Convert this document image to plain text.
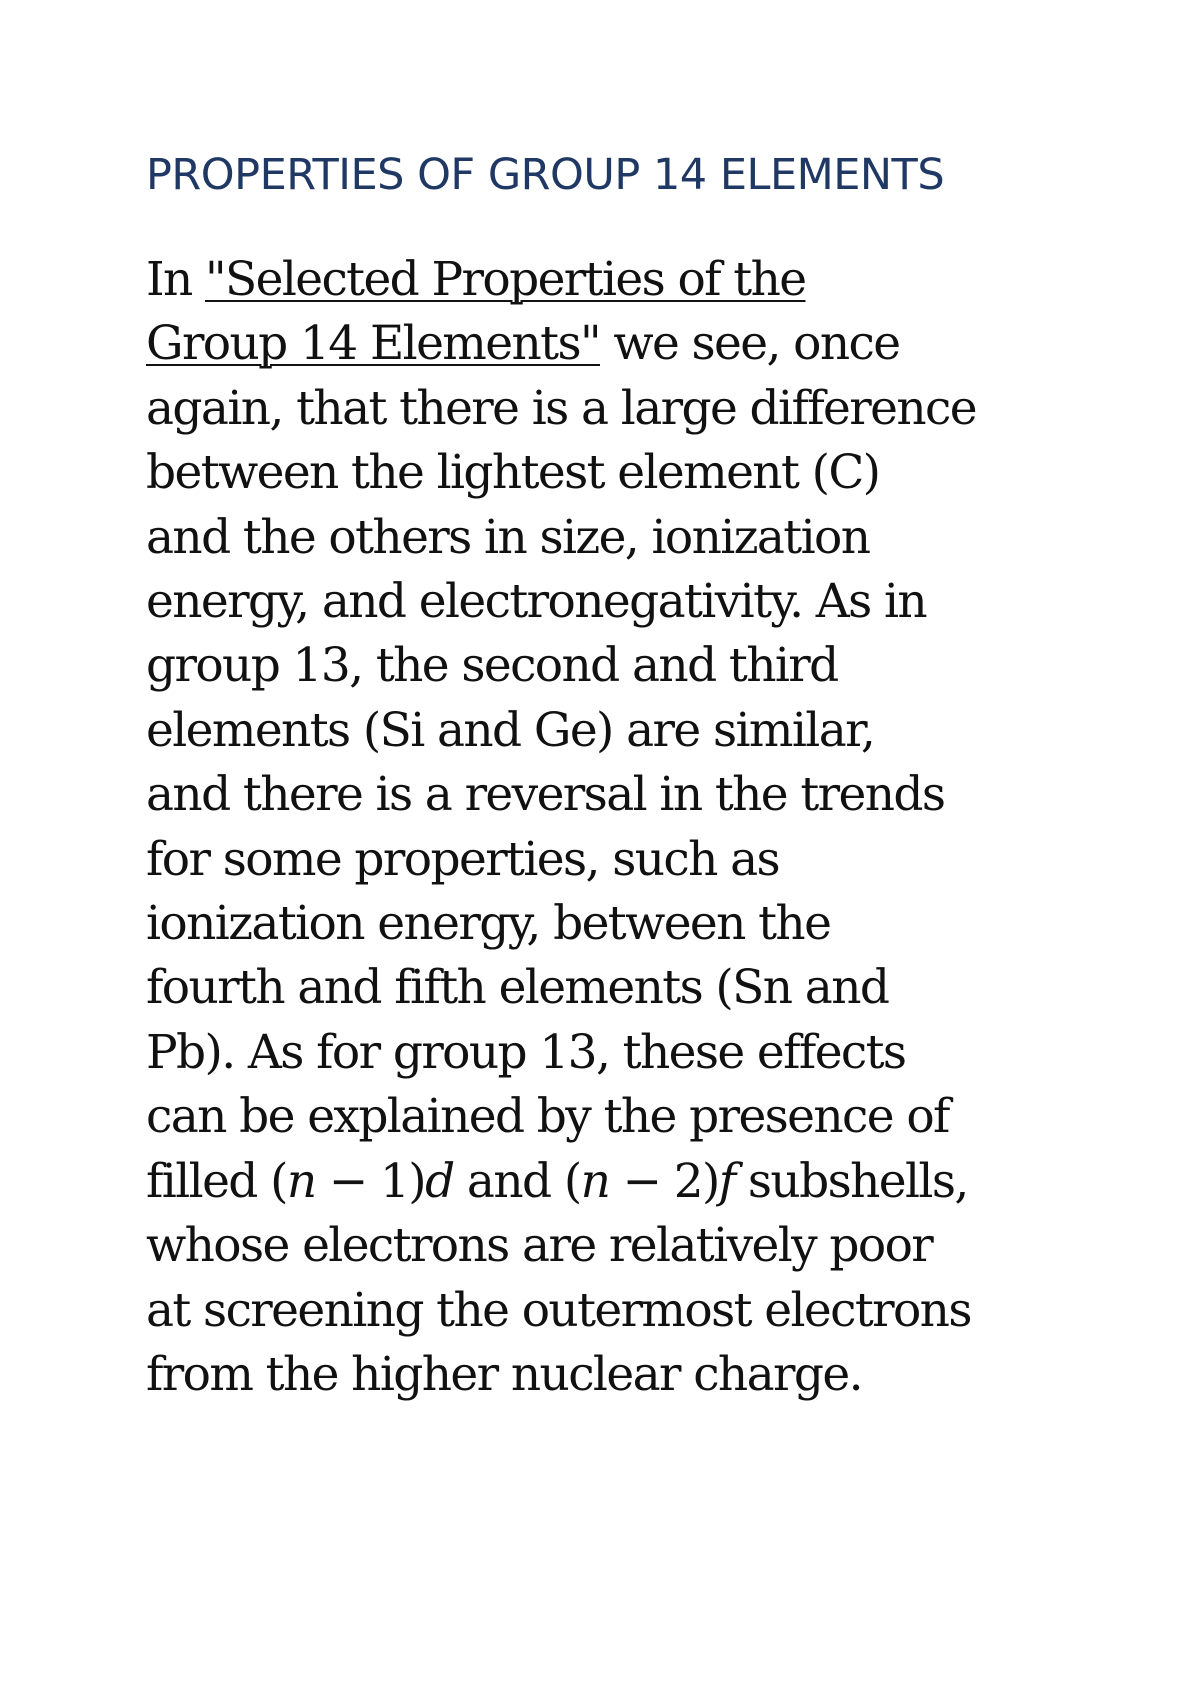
PROPERTIES OF GROUP 14 ELEMENTS
In "Selected Properties of the
Group 14 Elements" we see, once
again, that there is a large difference
between the lightest element (C)
and the others in size, ionization
energy, and electronegativity. As in
group 13, the second and third
elements (Si and Ge) are similar,
and there is a reversal in the trends
for some properties, such as
ionization energy, between the
fourth and fifth elements (Sn and
Pb). As for group 13, these effects
can be explained by the presence of
filled (n − 1)d and (n − 2)f subshells,
whose electrons are relatively poor
at screening the outermost electrons
from the higher nuclear charge.
